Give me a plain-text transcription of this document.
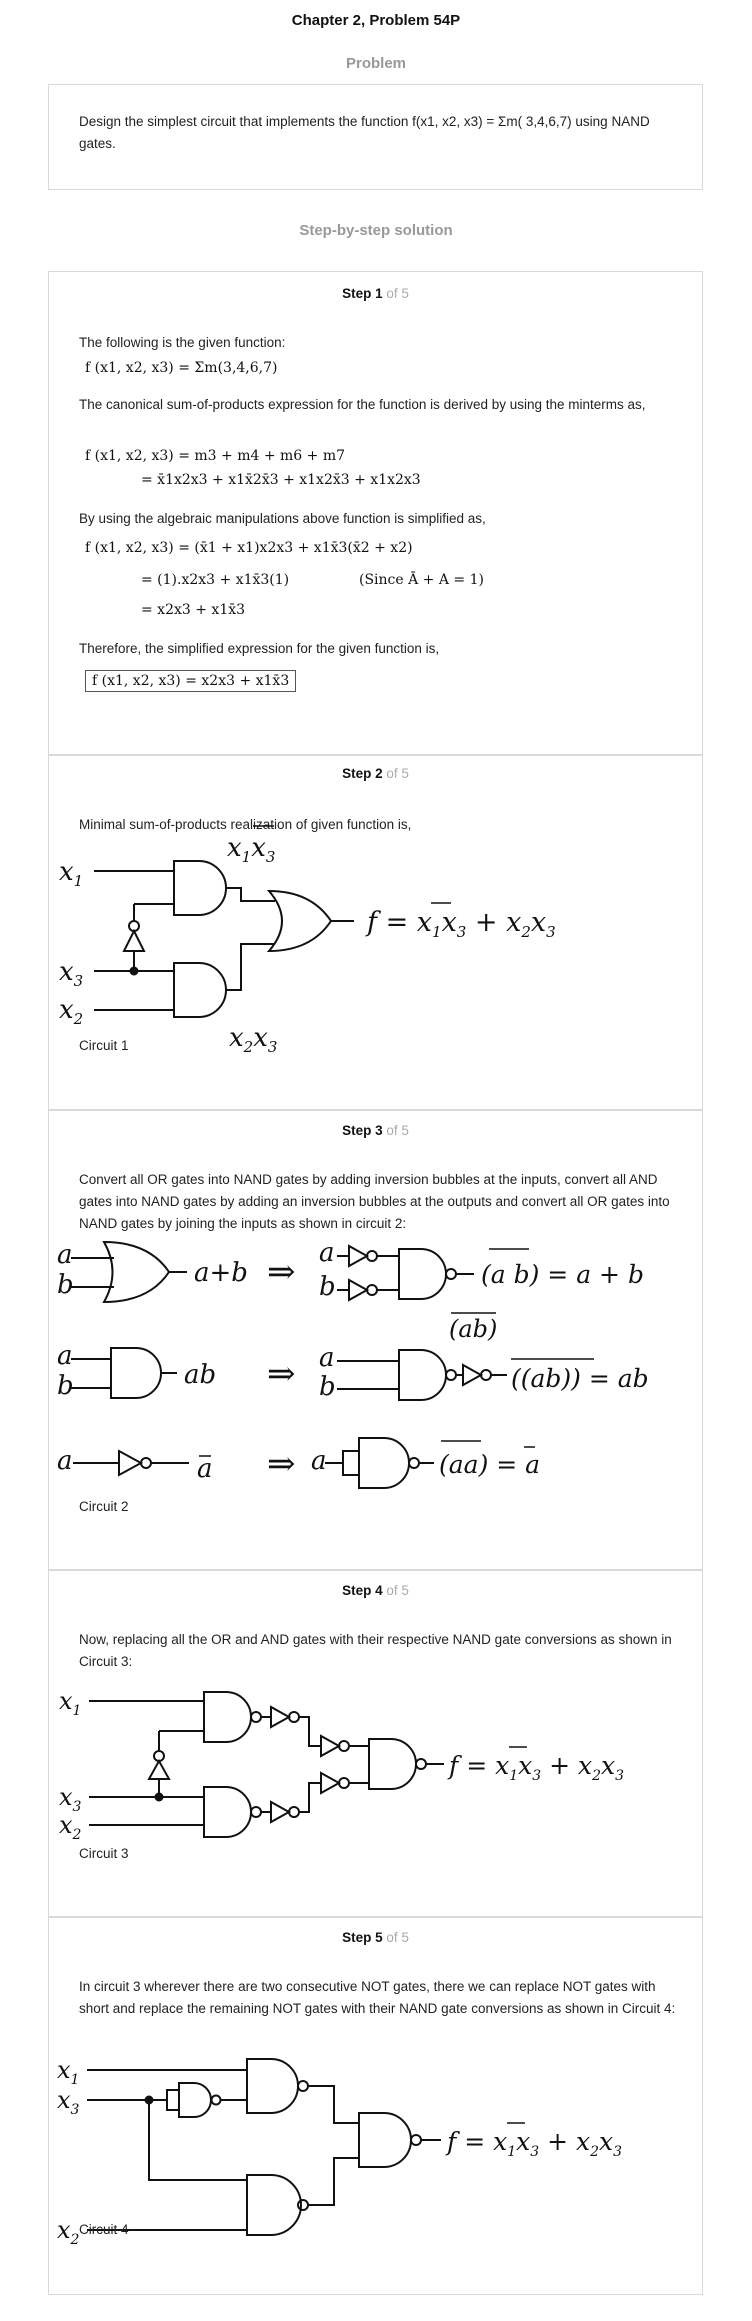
Chapter 2, Problem 54P
Problem
Design the simplest circuit that implements the function f(x1, x2, x3) = Σm( 3,4,6,7) using NAND gates.
Step-by-step solution
Step 1 of 5
The following is the given function:
f (x1, x2, x3) = Σm(3,4,6,7)
The canonical sum-of-products expression for the function is derived by using the minterms as,
f (x1, x2, x3) = m3 + m4 + m6 + m7
= x̄1x2x3 + x1x̄2x̄3 + x1x2x̄3 + x1x2x3
By using the algebraic manipulations above function is simplified as,
f (x1, x2, x3) = (x̄1 + x1)x2x3 + x1x̄3(x̄2 + x2)
= (1).x2x3 + x1x̄3(1)	(Since Ā + A = 1)
= x2x3 + x1x̄3
Therefore, the simplified expression for the given function is,
f (x1, x2, x3) = x2x3 + x1x̄3
Step 2 of 5
Minimal sum-of-products realization of given function is,
$x_1$
$x_3$
$x_2$
$x_1x_3$
$x_2x_3$
$f = x_1x_3 + x_2x_3$
Circuit 1
Step 3 of 5
Convert all OR gates into NAND gates by adding inversion bubbles at the inputs, convert all AND gates into NAND gates by adding an inversion bubbles at the outputs and convert all OR gates into NAND gates by joining the inputs as shown in circuit 2:
a
b	a+b ⇒ a
b	(a b) = a + b
a
b	ab ⇒ a
b
(ab)
((ab)) = ab
a	a ⇒ a	(aa) = a
Circuit 2
Step 4 of 5
Now, replacing all the OR and AND gates with their respective NAND gate conversions as shown in Circuit 3:
$x_1$
$x_3$
$x_2$
$f = x_1x_3 + x_2x_3$
Circuit 3
Step 5 of 5
In circuit 3 wherever there are two consecutive NOT gates, there we can replace NOT gates with short and replace the remaining NOT gates with their NAND gate conversions as shown in Circuit 4:
$x_1$
$x_3$
$x_2$
$f = x_1x_3 + x_2x_3$
Circuit 4
